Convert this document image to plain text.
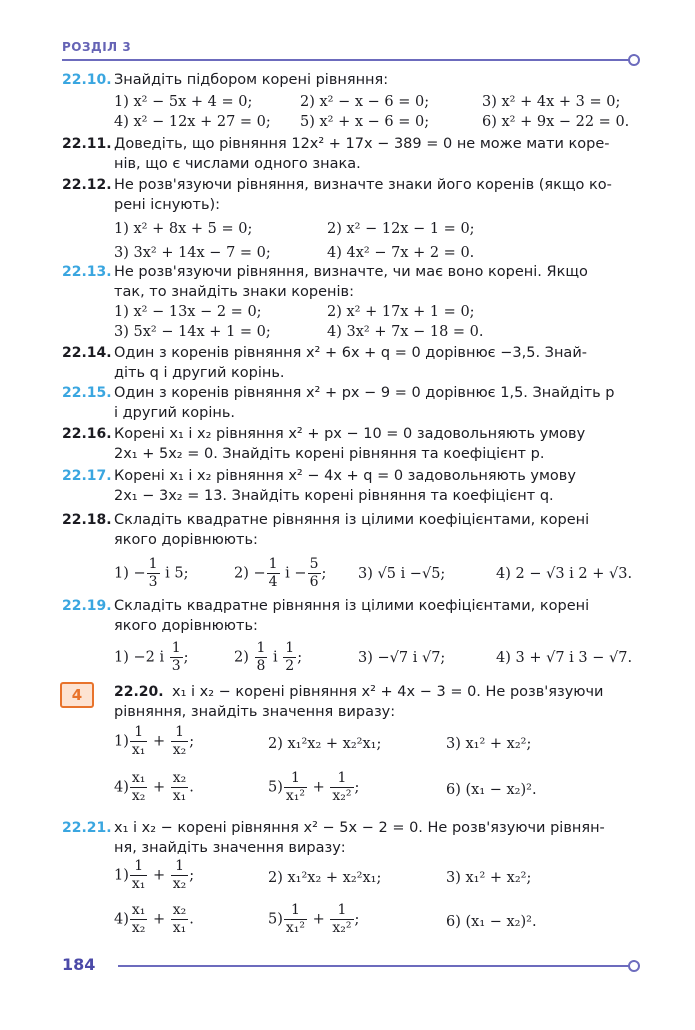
РОЗДІЛ 3
22.10. Знайдіть підбором корені рівняння:
1) x² − 5x + 4 = 0;	2) x² − x − 6 = 0;	3) x² + 4x + 3 = 0;
4) x² − 12x + 27 = 0; 5) x² + x − 6 = 0;	6) x² + 9x − 22 = 0.
22.11. Доведіть, що рівняння 12x² + 17x − 389 = 0 не може мати коре-
нів, що є числами одного знака.
22.12. Не розв'язуючи рівняння, визначте знаки його коренів (якщо ко-
рені існують):
1) x² + 8x + 5 = 0;	2) x² − 12x − 1 = 0;
3) 3x² + 14x − 7 = 0;	4) 4x² − 7x + 2 = 0.
22.13. Не розв'язуючи рівняння, визначте, чи має воно корені. Якщо
так, то знайдіть знаки коренів:
1) x² − 13x − 2 = 0;	2) x² + 17x + 1 = 0;
3) 5x² − 14x + 1 = 0;	4) 3x² + 7x − 18 = 0.
22.14. Один з коренів рівняння x² + 6x + q = 0 дорівнює −3,5. Знай-
діть q і другий корінь.
22.15. Один з коренів рівняння x² + px − 9 = 0 дорівнює 1,5. Знайдіть p
і другий корінь.
22.16. Корені x₁ і x₂ рівняння x² + px − 10 = 0 задовольняють умову
2x₁ + 5x₂ = 0. Знайдіть корені рівняння та коефіцієнт p.
22.17. Корені x₁ і x₂ рівняння x² − 4x + q = 0 задовольняють умову
2x₁ − 3x₂ = 13. Знайдіть корені рівняння та коефіцієнт q.
22.18. Складіть квадратне рівняння із цілими коефіцієнтами, корені
якого дорівнюють:
$1) - \frac{1}{3}$ і 5;	$2) - \frac{1}{4}$ $і - \frac{5}{6}$ ; 3) √5 і −√5;	4) 2 − √3 і 2 + √3.
22.19. Складіть квадратне рівняння із цілими коефіцієнтами, корені
якого дорівнюють:
1) −2 і $\frac{1}{3}$ ;	$2) \frac{1}{8}$ і $\frac{1}{2}$ ;	3) −√7 і √7;	4) 3 + √7 і 3 − √7.
4	22.20. x₁ і x₂ − корені рівняння x² + 4x − 3 = 0. Не розв'язуючи
рівняння, знайдіть значення виразу:
$1) \frac{1}{\text{x₁}} + \frac{1}{\text{x₂}}$ ;	2) x₁²x₂ + x₂²x₁;	3) x₁² + x₂²;
$4) \frac{\text{x₁}}{\text{x₂}} + \frac{\text{x₂}}{\text{x₁}}$ .	$5) \frac{1}{\text{x₁²}} + \frac{1}{\text{x₂²}}$ ;	6) (x₁ − x₂)².
22.21. x₁ і x₂ − корені рівняння x² − 5x − 2 = 0. Не розв'язуючи рівнян-
ня, знайдіть значення виразу:
$1) \frac{1}{\text{x₁}} + \frac{1}{\text{x₂}}$ ;	2) x₁²x₂ + x₂²x₁;	3) x₁² + x₂²;
$4) \frac{\text{x₁}}{\text{x₂}} + \frac{\text{x₂}}{\text{x₁}}$ .	$5) \frac{1}{\text{x₁²}} + \frac{1}{\text{x₂²}}$ ;	6) (x₁ − x₂)².
184
